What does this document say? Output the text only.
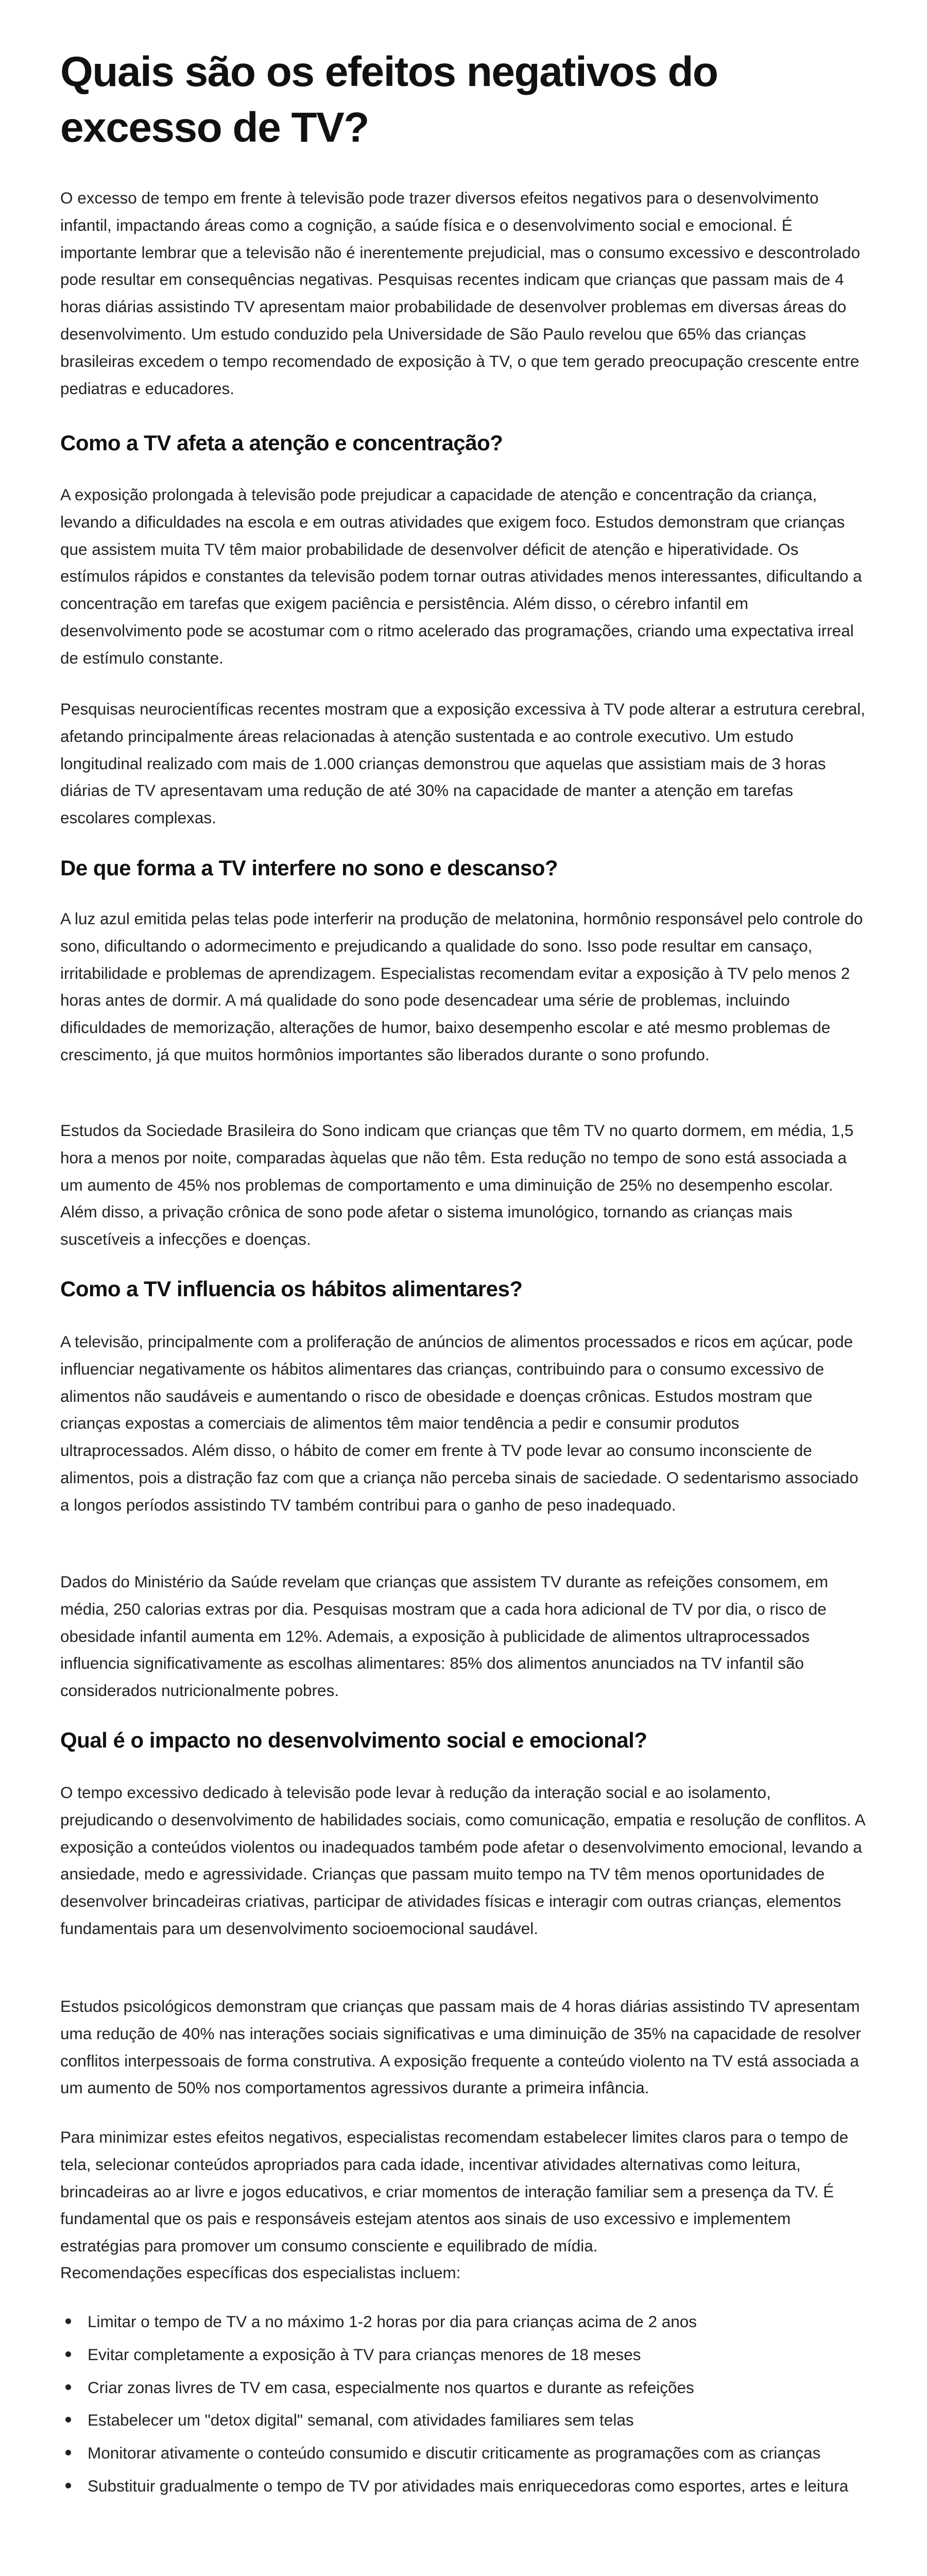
Quais são os efeitos negativos do excesso de TV?

O excesso de tempo em frente à televisão pode trazer diversos efeitos negativos para o desenvolvimento infantil, impactando áreas como a cognição, a saúde física e o desenvolvimento social e emocional. É importante lembrar que a televisão não é inerentemente prejudicial, mas o consumo excessivo e descontrolado pode resultar em consequências negativas. Pesquisas recentes indicam que crianças que passam mais de 4 horas diárias assistindo TV apresentam maior probabilidade de desenvolver problemas em diversas áreas do desenvolvimento. Um estudo conduzido pela Universidade de São Paulo revelou que 65% das crianças brasileiras excedem o tempo recomendado de exposição à TV, o que tem gerado preocupação crescente entre pediatras e educadores.

Como a TV afeta a atenção e concentração?

A exposição prolongada à televisão pode prejudicar a capacidade de atenção e concentração da criança, levando a dificuldades na escola e em outras atividades que exigem foco. Estudos demonstram que crianças que assistem muita TV têm maior probabilidade de desenvolver déficit de atenção e hiperatividade. Os estímulos rápidos e constantes da televisão podem tornar outras atividades menos interessantes, dificultando a concentração em tarefas que exigem paciência e persistência. Além disso, o cérebro infantil em desenvolvimento pode se acostumar com o ritmo acelerado das programações, criando uma expectativa irreal de estímulo constante.

Pesquisas neurocientíficas recentes mostram que a exposição excessiva à TV pode alterar a estrutura cerebral, afetando principalmente áreas relacionadas à atenção sustentada e ao controle executivo. Um estudo longitudinal realizado com mais de 1.000 crianças demonstrou que aquelas que assistiam mais de 3 horas diárias de TV apresentavam uma redução de até 30% na capacidade de manter a atenção em tarefas escolares complexas.

De que forma a TV interfere no sono e descanso?

A luz azul emitida pelas telas pode interferir na produção de melatonina, hormônio responsável pelo controle do sono, dificultando o adormecimento e prejudicando a qualidade do sono. Isso pode resultar em cansaço, irritabilidade e problemas de aprendizagem. Especialistas recomendam evitar a exposição à TV pelo menos 2 horas antes de dormir. A má qualidade do sono pode desencadear uma série de problemas, incluindo dificuldades de memorização, alterações de humor, baixo desempenho escolar e até mesmo problemas de crescimento, já que muitos hormônios importantes são liberados durante o sono profundo.

Estudos da Sociedade Brasileira do Sono indicam que crianças que têm TV no quarto dormem, em média, 1,5 hora a menos por noite, comparadas àquelas que não têm. Esta redução no tempo de sono está associada a um aumento de 45% nos problemas de comportamento e uma diminuição de 25% no desempenho escolar. Além disso, a privação crônica de sono pode afetar o sistema imunológico, tornando as crianças mais suscetíveis a infecções e doenças.

Como a TV influencia os hábitos alimentares?

A televisão, principalmente com a proliferação de anúncios de alimentos processados e ricos em açúcar, pode influenciar negativamente os hábitos alimentares das crianças, contribuindo para o consumo excessivo de alimentos não saudáveis e aumentando o risco de obesidade e doenças crônicas. Estudos mostram que crianças expostas a comerciais de alimentos têm maior tendência a pedir e consumir produtos ultraprocessados. Além disso, o hábito de comer em frente à TV pode levar ao consumo inconsciente de alimentos, pois a distração faz com que a criança não perceba sinais de saciedade. O sedentarismo associado a longos períodos assistindo TV também contribui para o ganho de peso inadequado.

Dados do Ministério da Saúde revelam que crianças que assistem TV durante as refeições consomem, em média, 250 calorias extras por dia. Pesquisas mostram que a cada hora adicional de TV por dia, o risco de obesidade infantil aumenta em 12%. Ademais, a exposição à publicidade de alimentos ultraprocessados influencia significativamente as escolhas alimentares: 85% dos alimentos anunciados na TV infantil são considerados nutricionalmente pobres.

Qual é o impacto no desenvolvimento social e emocional?

O tempo excessivo dedicado à televisão pode levar à redução da interação social e ao isolamento, prejudicando o desenvolvimento de habilidades sociais, como comunicação, empatia e resolução de conflitos. A exposição a conteúdos violentos ou inadequados também pode afetar o desenvolvimento emocional, levando a ansiedade, medo e agressividade. Crianças que passam muito tempo na TV têm menos oportunidades de desenvolver brincadeiras criativas, participar de atividades físicas e interagir com outras crianças, elementos fundamentais para um desenvolvimento socioemocional saudável.

Estudos psicológicos demonstram que crianças que passam mais de 4 horas diárias assistindo TV apresentam uma redução de 40% nas interações sociais significativas e uma diminuição de 35% na capacidade de resolver conflitos interpessoais de forma construtiva. A exposição frequente a conteúdo violento na TV está associada a um aumento de 50% nos comportamentos agressivos durante a primeira infância.

Para minimizar estes efeitos negativos, especialistas recomendam estabelecer limites claros para o tempo de tela, selecionar conteúdos apropriados para cada idade, incentivar atividades alternativas como leitura, brincadeiras ao ar livre e jogos educativos, e criar momentos de interação familiar sem a presença da TV. É fundamental que os pais e responsáveis estejam atentos aos sinais de uso excessivo e implementem estratégias para promover um consumo consciente e equilibrado de mídia.

Recomendações específicas dos especialistas incluem:

Limitar o tempo de TV a no máximo 1-2 horas por dia para crianças acima de 2 anos
Evitar completamente a exposição à TV para crianças menores de 18 meses
Criar zonas livres de TV em casa, especialmente nos quartos e durante as refeições
Estabelecer um "detox digital" semanal, com atividades familiares sem telas
Monitorar ativamente o conteúdo consumido e discutir criticamente as programações com as crianças
Substituir gradualmente o tempo de TV por atividades mais enriquecedoras como esportes, artes e leitura
